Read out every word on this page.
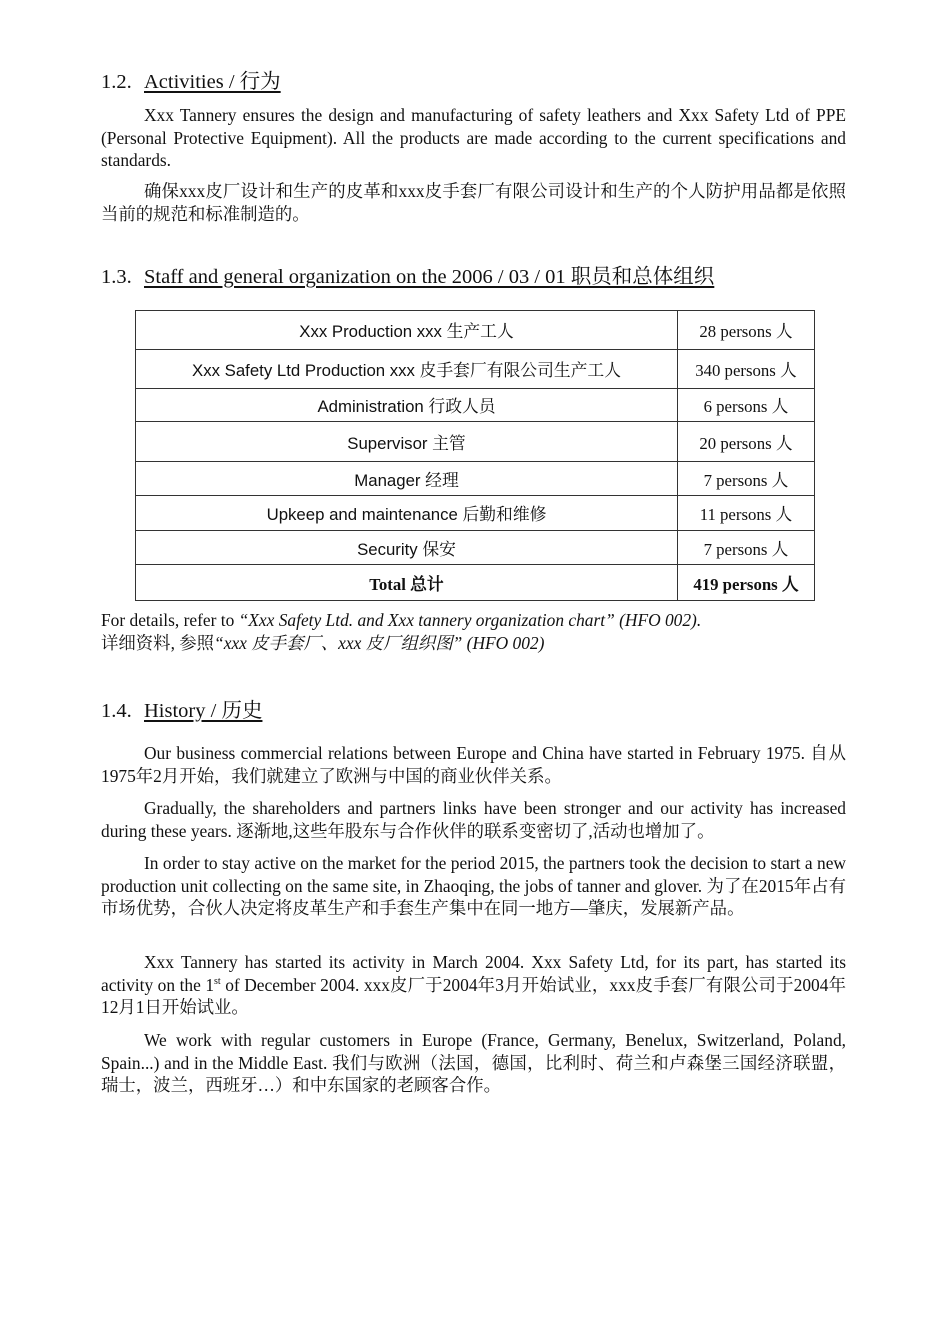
1.2. Activities / 行为

Xxx Tannery ensures the design and manufacturing of safety leathers and Xxx Safety Ltd of PPE (Personal Protective Equipment). All the products are made according to the current specifications and standards.

确保xxx皮厂设计和生产的皮革和xxx皮手套厂有限公司设计和生产的个人防护用品都是依照当前的规范和标准制造的。

1.3. Staff and general organization on the 2006 / 03 / 01 职员和总体组织
Xxx Production xxx 生产工人	28 persons 人
Xxx Safety Ltd Production xxx 皮手套厂有限公司生产工人	340 persons 人
Administration 行政人员	6 persons 人
Supervisor 主管	20 persons 人
Manager 经理	7 persons 人
Upkeep and maintenance 后勤和维修	11 persons 人
Security 保安	7 persons 人
Total 总计	419 persons 人
For details, refer to “Xxx Safety Ltd. and Xxx tannery organization chart” (HFO 002).
详细资料, 参照“xxx 皮手套厂、xxx 皮厂组织图” (HFO 002)
1.4. History / 历史

Our business commercial relations between Europe and China have started in February 1975. 自从1975年2月开始，我们就建立了欧洲与中国的商业伙伴关系。

Gradually, the shareholders and partners links have been stronger and our activity has increased during these years. 逐渐地,这些年股东与合作伙伴的联系变密切了,活动也增加了。

In order to stay active on the market for the period 2015, the partners took the decision to start a new production unit collecting on the same site, in Zhaoqing, the jobs of tanner and glover. 为了在2015年占有市场优势，合伙人决定将皮革生产和手套生产集中在同一地方—肇庆，发展新产品。

Xxx Tannery has started its activity in March 2004. Xxx Safety Ltd, for its part, has started its activity on the 1st of December 2004. xxx皮厂于2004年3月开始试业，xxx皮手套厂有限公司于2004年12月1日开始试业。

We work with regular customers in Europe (France, Germany, Benelux, Switzerland, Poland, Spain...) and in the Middle East. 我们与欧洲（法国，德国，比利时、荷兰和卢森堡三国经济联盟，瑞士，波兰，西班牙…）和中东国家的老顾客合作。
